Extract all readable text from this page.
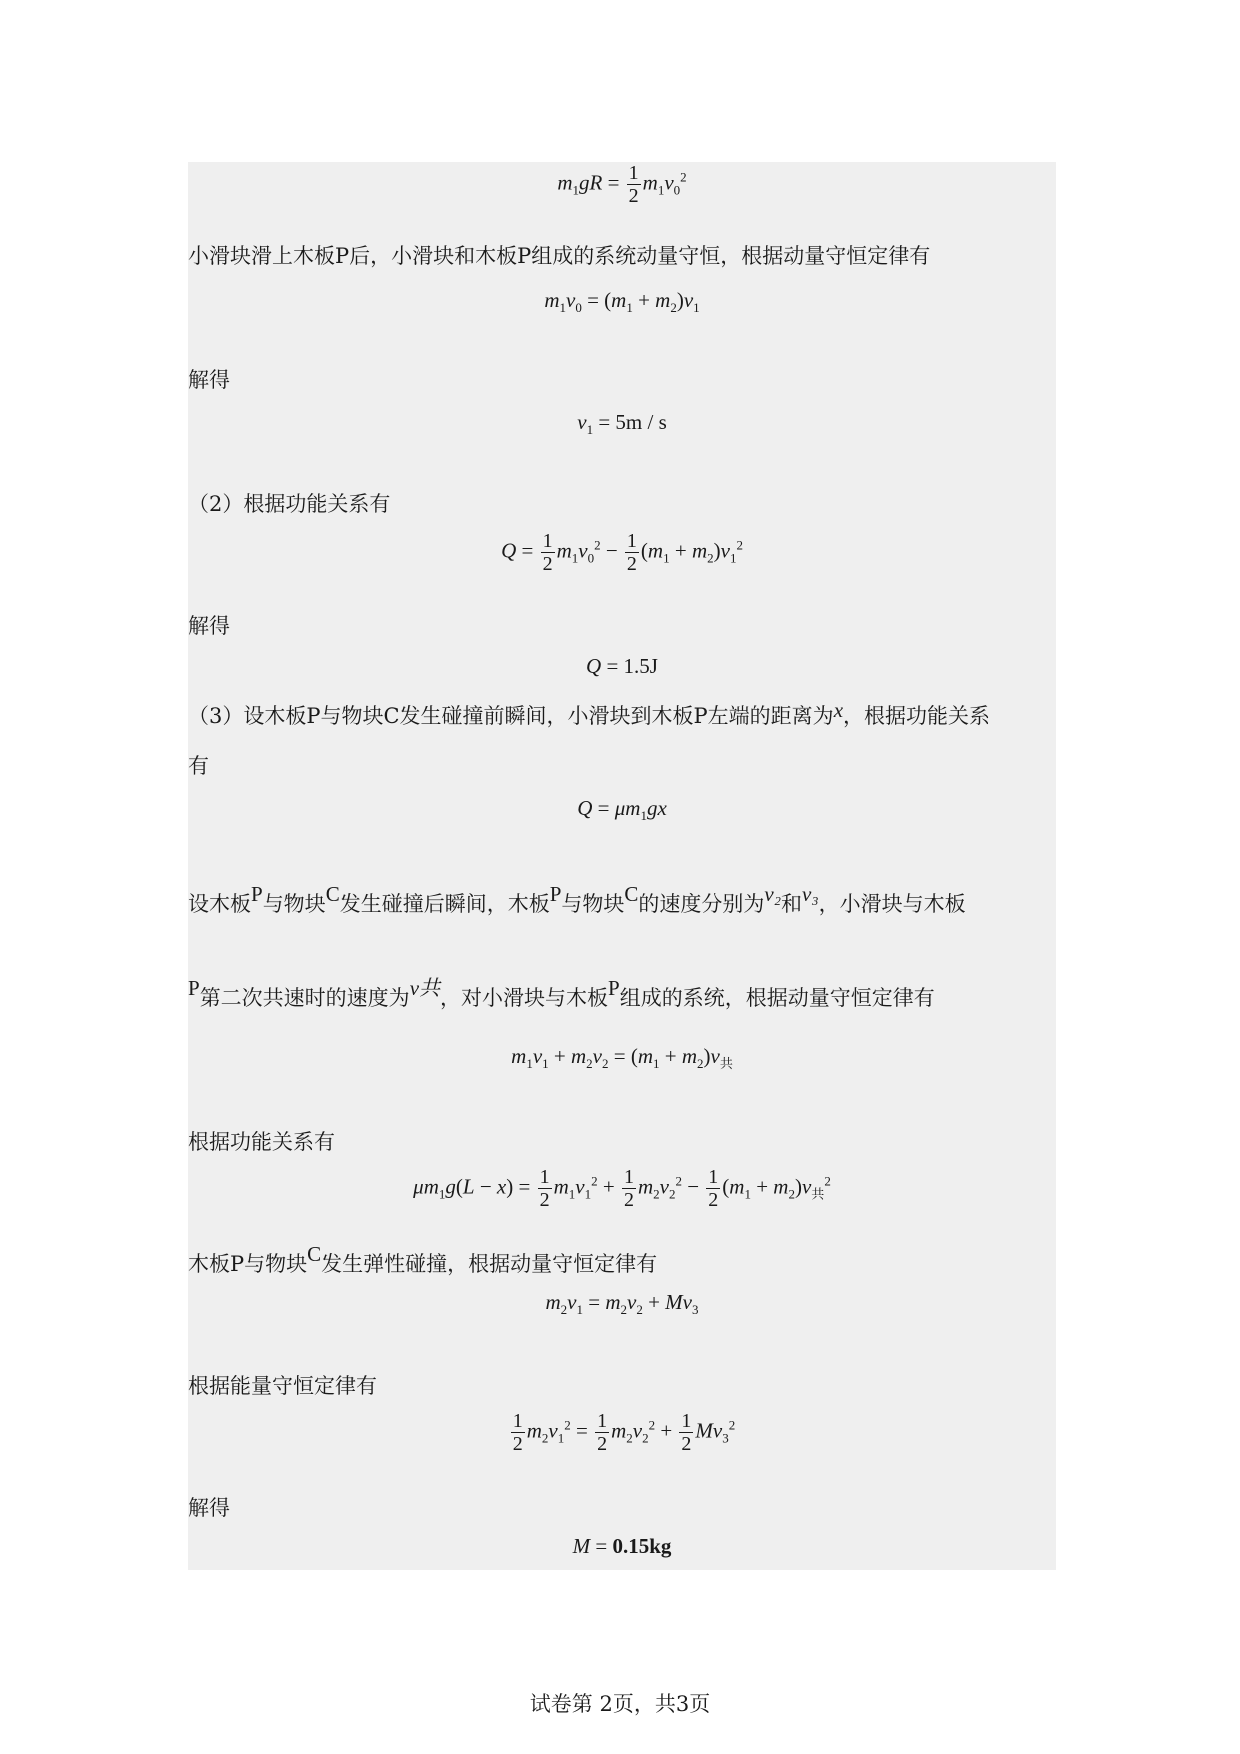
$m_1gR = \frac{1}{2} m_1v_0^2$
小滑块滑上木板P后，小滑块和木板P组成的系统动量守恒，根据动量守恒定律有
$m_1v_0 = (m_1 + m_2)v_1$
解得
$v_1 = 5m / s$
（2）根据功能关系有
$Q = \frac{1}{2} m_1v_0^2 - \frac{1}{2} (m_1 + m_2)v_1^2$
解得
Q = 1.5J
（3）设木板P与物块C发生碰撞前瞬间，小滑块到木板P左端的距离为x，根据功能关系
有
$Q = \mu m_1gx$
设木板P与物块C发生碰撞后瞬间，木板P与物块C的速度分别为v₂和v₃，小滑块与木板
P第二次共速时的速度为v共，对小滑块与木板P组成的系统，根据动量守恒定律有
$m_1v_1 + m_2v_2 = (m_1 + m_2)v_共$
根据功能关系有
$\mu m_1g(L - x) = \frac{1}{2} m_1v_1^2 + \frac{1}{2} m_2v_2^2 - \frac{1}{2} (m_1 + m_2)v_共^2$
木板P与物块C发生弹性碰撞，根据动量守恒定律有
$m_2v_1 = m_2v_2 + Mv_3$
根据能量守恒定律有
$\frac{1}{2} m_2v_1^2 = \frac{1}{2} m_2v_2^2 + \frac{1}{2} Mv_3^2$
解得
M = 0.15kg
试卷第 2页，共3页
